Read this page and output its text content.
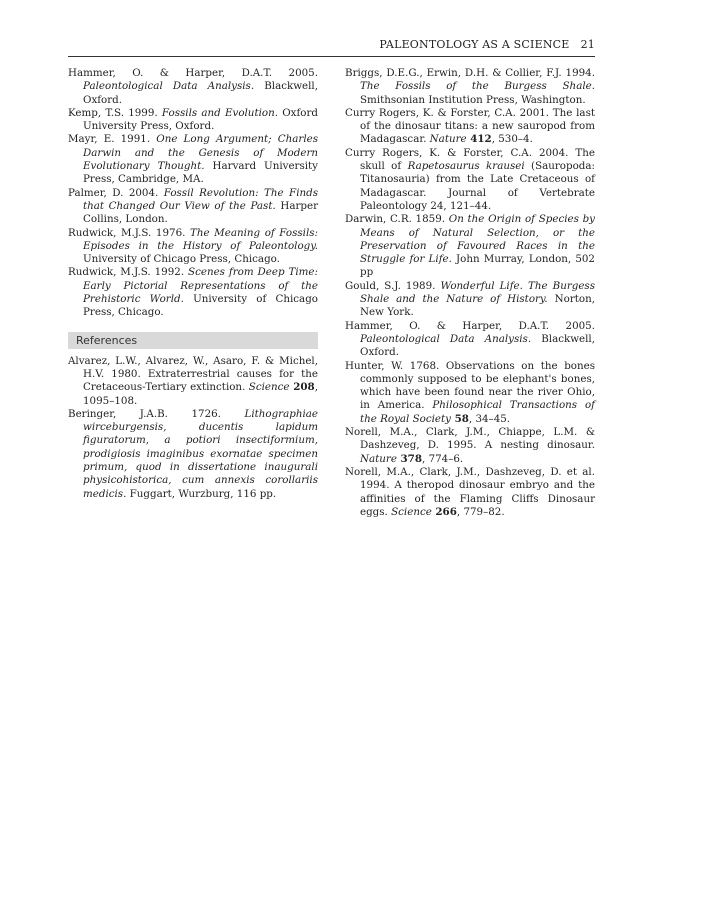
PALEONTOLOGY AS A SCIENCE 21

Hammer, O. & Harper, D.A.T. 2005. Paleontological Data Analysis. Blackwell, Oxford.

Kemp, T.S. 1999. Fossils and Evolution. Oxford University Press, Oxford.

Mayr, E. 1991. One Long Argument; Charles Darwin and the Genesis of Modern Evolutionary Thought. Harvard University Press, Cambridge, MA.

Palmer, D. 2004. Fossil Revolution: The Finds that Changed Our View of the Past. Harper Collins, London.

Rudwick, M.J.S. 1976. The Meaning of Fossils: Episodes in the History of Paleontology. University of Chicago Press, Chicago.

Rudwick, M.J.S. 1992. Scenes from Deep Time: Early Pictorial Representations of the Prehistoric World. University of Chicago Press, Chicago.

References

Alvarez, L.W., Alvarez, W., Asaro, F. & Michel, H.V. 1980. Extraterrestrial causes for the Cretaceous-Tertiary extinction. Science 208, 1095–108.

Beringer, J.A.B. 1726. Lithographiae wirceburgensis, ducentis lapidum figuratorum, a potiori insectiformium, prodigiosis imaginibus exornatae specimen primum, quod in dissertatione inaugurali physicohistorica, cum annexis corollariis medicis. Fuggart, Wurzburg, 116 pp.

Briggs, D.E.G., Erwin, D.H. & Collier, F.J. 1994. The Fossils of the Burgess Shale. Smithsonian Institution Press, Washington.

Curry Rogers, K. & Forster, C.A. 2001. The last of the dinosaur titans: a new sauropod from Madagascar. Nature 412, 530–4.

Curry Rogers, K. & Forster, C.A. 2004. The skull of Rapetosaurus krausei (Sauropoda: Titanosauria) from the Late Cretaceous of Madagascar. Journal of Vertebrate Paleontology 24, 121–44.

Darwin, C.R. 1859. On the Origin of Species by Means of Natural Selection, or the Preservation of Favoured Races in the Struggle for Life. John Murray, London, 502 pp

Gould, S.J. 1989. Wonderful Life. The Burgess Shale and the Nature of History. Norton, New York.

Hammer, O. & Harper, D.A.T. 2005. Paleontological Data Analysis. Blackwell, Oxford.

Hunter, W. 1768. Observations on the bones commonly supposed to be elephant's bones, which have been found near the river Ohio, in America. Philosophical Transactions of the Royal Society 58, 34–45.

Norell, M.A., Clark, J.M., Chiappe, L.M. & Dashzeveg, D. 1995. A nesting dinosaur. Nature 378, 774–6.

Norell, M.A., Clark, J.M., Dashzeveg, D. et al. 1994. A theropod dinosaur embryo and the affinities of the Flaming Cliffs Dinosaur eggs. Science 266, 779–82.
